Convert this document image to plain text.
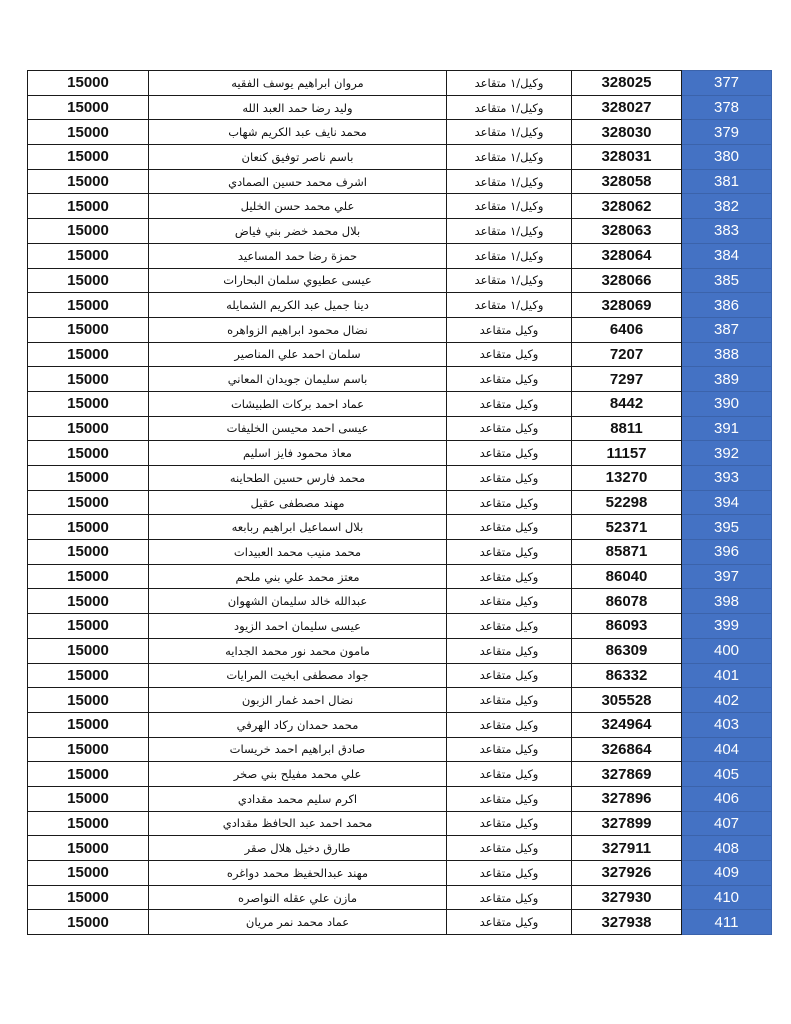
15000	مروان ابراهيم يوسف الفقيه	وكيل/١ متقاعد	328025	377
15000	وليد رضا حمد العبد الله	وكيل/١ متقاعد	328027	378
15000	محمد نايف عبد الكريم شهاب	وكيل/١ متقاعد	328030	379
15000	باسم ناصر توفيق كنعان	وكيل/١ متقاعد	328031	380
15000	اشرف محمد حسين الصمادي	وكيل/١ متقاعد	328058	381
15000	علي محمد حسن الخليل	وكيل/١ متقاعد	328062	382
15000	بلال محمد خضر بني فياض	وكيل/١ متقاعد	328063	383
15000	حمزة رضا حمد المساعيد	وكيل/١ متقاعد	328064	384
15000	عيسى عطيوي سلمان البحارات	وكيل/١ متقاعد	328066	385
15000	دينا جميل عبد الكريم الشمايله	وكيل/١ متقاعد	328069	386
15000	نضال محمود ابراهيم الزواهره	وكيل متقاعد	6406	387
15000	سلمان احمد علي المناصير	وكيل متقاعد	7207	388
15000	باسم سليمان جويدان المعاني	وكيل متقاعد	7297	389
15000	عماد احمد بركات الطبيشات	وكيل متقاعد	8442	390
15000	عيسى احمد محيسن الخليفات	وكيل متقاعد	8811	391
15000	معاذ محمود فايز اسليم	وكيل متقاعد	11157	392
15000	محمد فارس حسين الطحاينه	وكيل متقاعد	13270	393
15000	مهند مصطفى عقيل	وكيل متقاعد	52298	394
15000	بلال اسماعيل ابراهيم ربابعه	وكيل متقاعد	52371	395
15000	محمد منيب محمد العبيدات	وكيل متقاعد	85871	396
15000	معتز محمد علي بني ملحم	وكيل متقاعد	86040	397
15000	عبدالله خالد سليمان الشهوان	وكيل متقاعد	86078	398
15000	عيسى سليمان احمد الزيود	وكيل متقاعد	86093	399
15000	مامون محمد نور محمد الجدايه	وكيل متقاعد	86309	400
15000	جواد مصطفى ابخيت المرايات	وكيل متقاعد	86332	401
15000	نضال احمد غمار الزبون	وكيل متقاعد	305528	402
15000	محمد حمدان ركاد الهرفي	وكيل متقاعد	324964	403
15000	صادق ابراهيم احمد خريسات	وكيل متقاعد	326864	404
15000	علي محمد مفيلح بني صخر	وكيل متقاعد	327869	405
15000	اكرم سليم محمد مقدادي	وكيل متقاعد	327896	406
15000	محمد احمد عبد الحافظ مقدادي	وكيل متقاعد	327899	407
15000	طارق دخيل هلال صقر	وكيل متقاعد	327911	408
15000	مهند عبدالحفيظ محمد دواغره	وكيل متقاعد	327926	409
15000	مازن علي عقله النواصره	وكيل متقاعد	327930	410
15000	عماد محمد نمر مريان	وكيل متقاعد	327938	411
